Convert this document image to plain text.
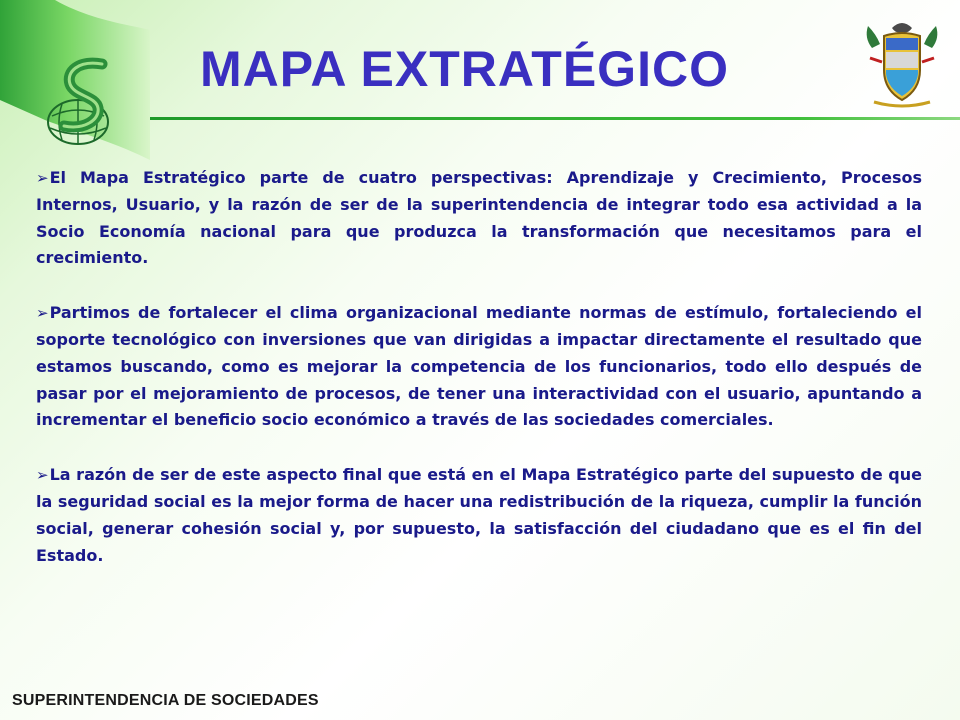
MAPA EXTRATÉGICO

➢El Mapa Estratégico parte de cuatro perspectivas: Aprendizaje y Crecimiento, Procesos Internos, Usuario, y la razón de ser de la superintendencia de integrar todo esa actividad a la Socio Economía nacional para que produzca la transformación que necesitamos para el crecimiento.

➢Partimos de fortalecer el clima organizacional mediante normas de estímulo, fortaleciendo el soporte tecnológico con inversiones que van dirigidas a impactar directamente el resultado que estamos buscando, como es mejorar la competencia de los funcionarios, todo ello después de pasar por el mejoramiento de procesos, de tener una interactividad con el usuario, apuntando a incrementar el beneficio socio económico a través de las sociedades comerciales.

➢La razón de ser de este aspecto final que está en el Mapa Estratégico parte del supuesto de que la seguridad social es la mejor forma de hacer una redistribución de la riqueza, cumplir la función social, generar cohesión social y, por supuesto, la satisfacción del ciudadano que es el fin del Estado.

SUPERINTENDENCIA DE SOCIEDADES
